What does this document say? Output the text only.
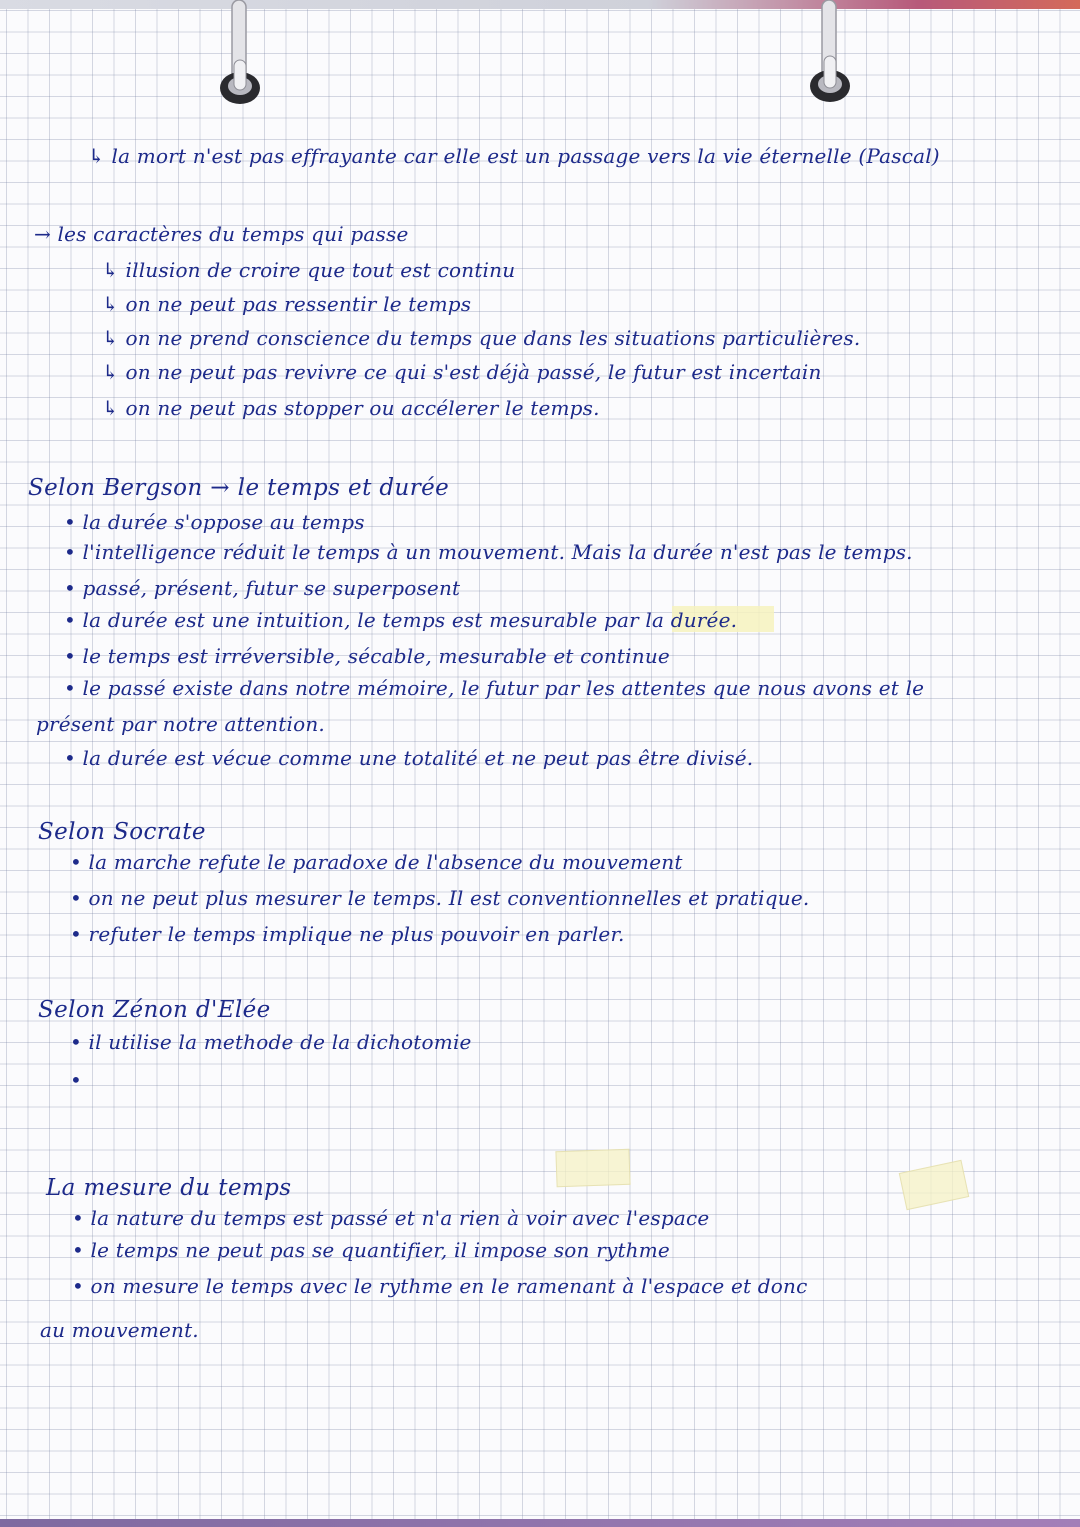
↳ la mort n'est pas effrayante car elle est un passage vers la vie éternelle (Pascal)
→ les caractères du temps qui passe
↳ illusion de croire que tout est continu
↳ on ne peut pas ressentir le temps
↳ on ne prend conscience du temps que dans les situations particulières.
↳ on ne peut pas revivre ce qui s'est déjà passé, le futur est incertain
↳ on ne peut pas stopper ou accélerer le temps.
Selon Bergson → le temps et durée
• la durée s'oppose au temps
• l'intelligence réduit le temps à un mouvement. Mais la durée n'est pas le temps.
• passé, présent, futur se superposent
• la durée est une intuition, le temps est mesurable par la durée.
• le temps est irréversible, sécable, mesurable et continue
• le passé existe dans notre mémoire, le futur par les attentes que nous avons et le
présent par notre attention.
• la durée est vécue comme une totalité et ne peut pas être divisé.
Selon Socrate
• la marche refute le paradoxe de l'absence du mouvement
• on ne peut plus mesurer le temps. Il est conventionnelles et pratique.
• refuter le temps implique ne plus pouvoir en parler.
Selon Zénon d'Elée
• il utilise la methode de la dichotomie
•
La mesure du temps
• la nature du temps est passé et n'a rien à voir avec l'espace
• le temps ne peut pas se quantifier, il impose son rythme
• on mesure le temps avec le rythme en le ramenant à l'espace et donc
au mouvement.
